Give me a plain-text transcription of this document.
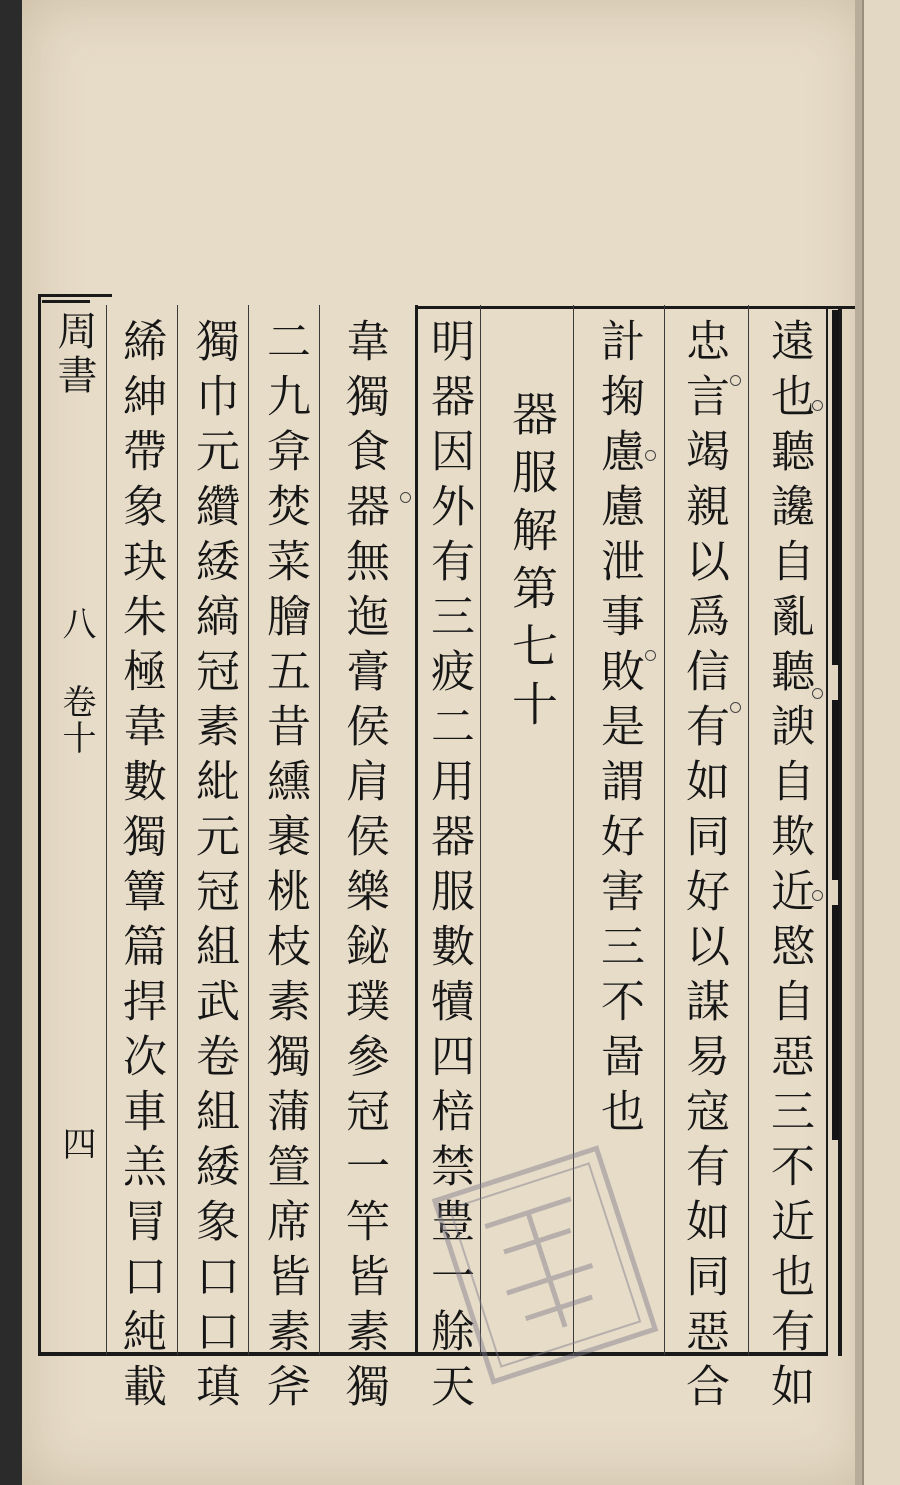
周書
八 卷十
四	遠也聽讒自亂聽諛自欺近愍自惡三不近也有如
忠言竭親以爲信有如同好以謀易寇有如同惡合
計掬慮慮泄事敗是謂好害三不啚也
器服解第七十
明器因外有三疲二用器服數犢四棓禁豊一艅天
韋獨食器無迤膏侯肩侯樂鉍璞參冠一竿皆素獨
二九弇焚菜膾五昔纁裹桃枝素獨蒲箮席皆素斧
獨巾元纘緌縞冠素紕元冠組武卷組緌象口口瑱
絺紳帶象玦朱極韋數獨簟篇捍次車羔冐口純載
